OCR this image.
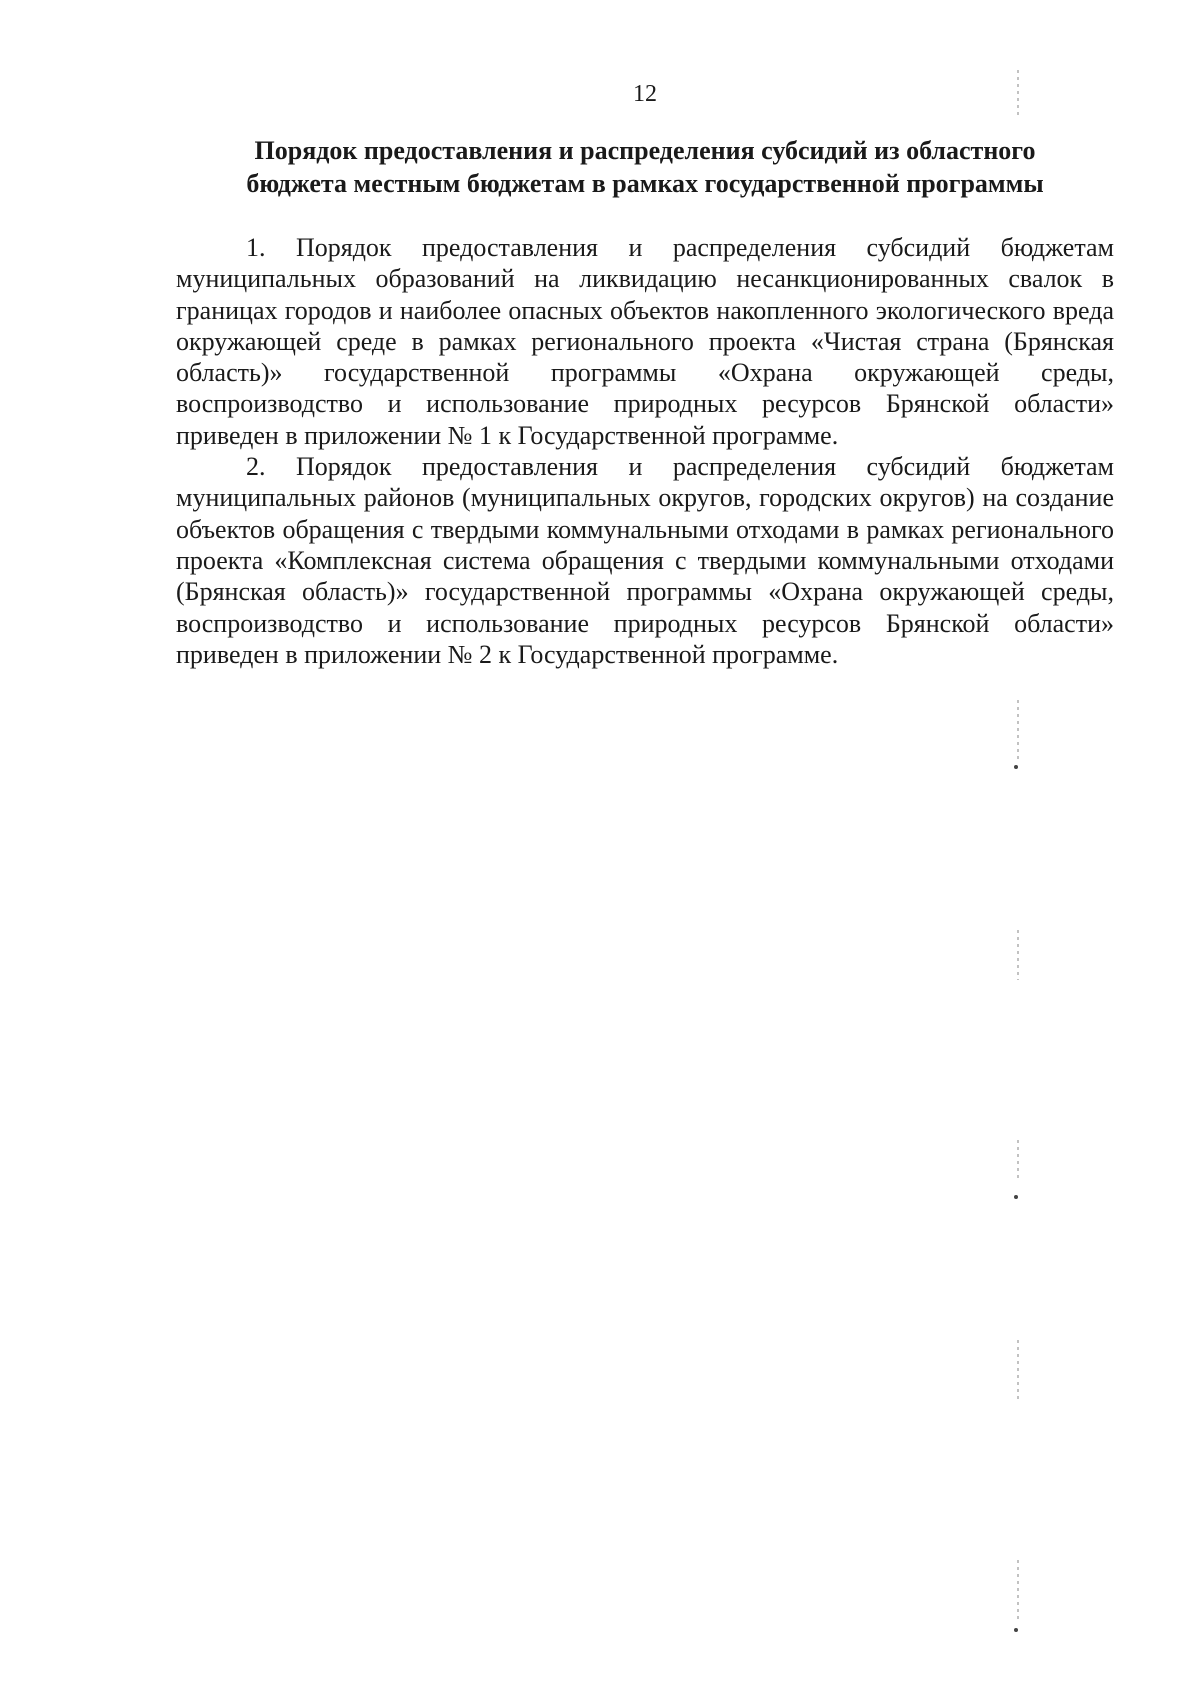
12
Порядок предоставления и распределения субсидий из областного
бюджета местным бюджетам в рамках государственной программы

1. Порядок предоставления и распределения субсидий бюджетам муниципальных образований на ликвидацию несанкционированных свалок в границах городов и наиболее опасных объектов накопленного экологического вреда окружающей среде в рамках регионального проекта «Чистая страна (Брянская область)» государственной программы «Охрана окружающей среды, воспроизводство и использование природных ресурсов Брянской области» приведен в приложении № 1 к Государственной программе.

2. Порядок предоставления и распределения субсидий бюджетам муниципальных районов (муниципальных округов, городских округов) на создание объектов обращения с твердыми коммунальными отходами в рамках регионального проекта «Комплексная система обращения с твердыми коммунальными отходами (Брянская область)» государственной программы «Охрана окружающей среды, воспроизводство и использование природных ресурсов Брянской области» приведен в приложении № 2 к Государственной программе.
